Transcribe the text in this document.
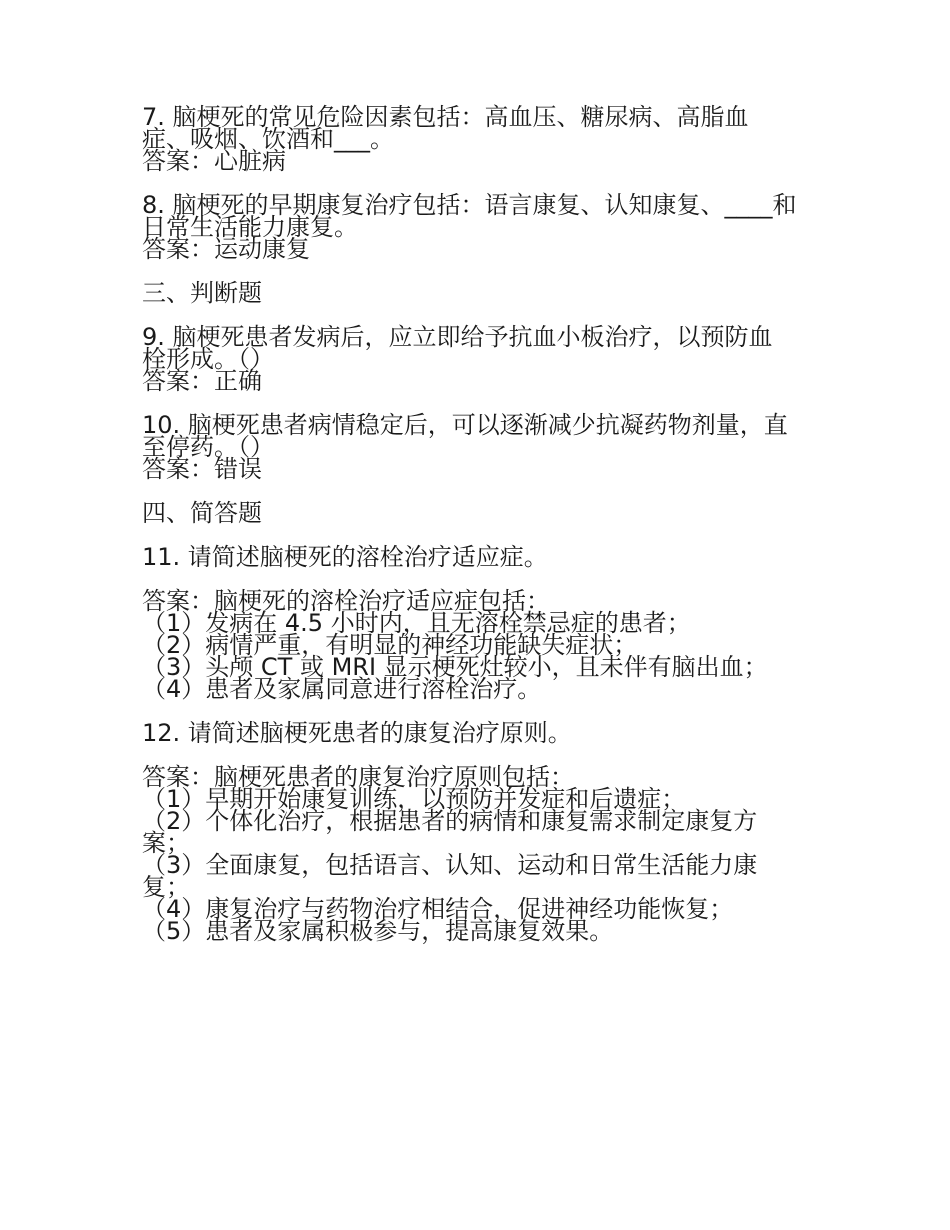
7. 脑梗死的常见危险因素包括：高血压、糖尿病、高脂血
症、吸烟、饮酒和___。
答案：心脏病
8. 脑梗死的早期康复治疗包括：语言康复、认知康复、____和
日常生活能力康复。
答案：运动康复
三、判断题
9. 脑梗死患者发病后，应立即给予抗血小板治疗，以预防血
栓形成。（）
答案：正确
10. 脑梗死患者病情稳定后，可以逐渐减少抗凝药物剂量，直
至停药。（）
答案：错误
四、简答题
11. 请简述脑梗死的溶栓治疗适应症。
答案：脑梗死的溶栓治疗适应症包括：
（1）发病在 4.5 小时内，且无溶栓禁忌症的患者；
（2）病情严重，有明显的神经功能缺失症状；
（3）头颅 CT 或 MRI 显示梗死灶较小，且未伴有脑出血；
（4）患者及家属同意进行溶栓治疗。
12. 请简述脑梗死患者的康复治疗原则。
答案：脑梗死患者的康复治疗原则包括：
（1）早期开始康复训练，以预防并发症和后遗症；
（2）个体化治疗，根据患者的病情和康复需求制定康复方
案；
（3）全面康复，包括语言、认知、运动和日常生活能力康
复；
（4）康复治疗与药物治疗相结合，促进神经功能恢复；
（5）患者及家属积极参与，提高康复效果。
